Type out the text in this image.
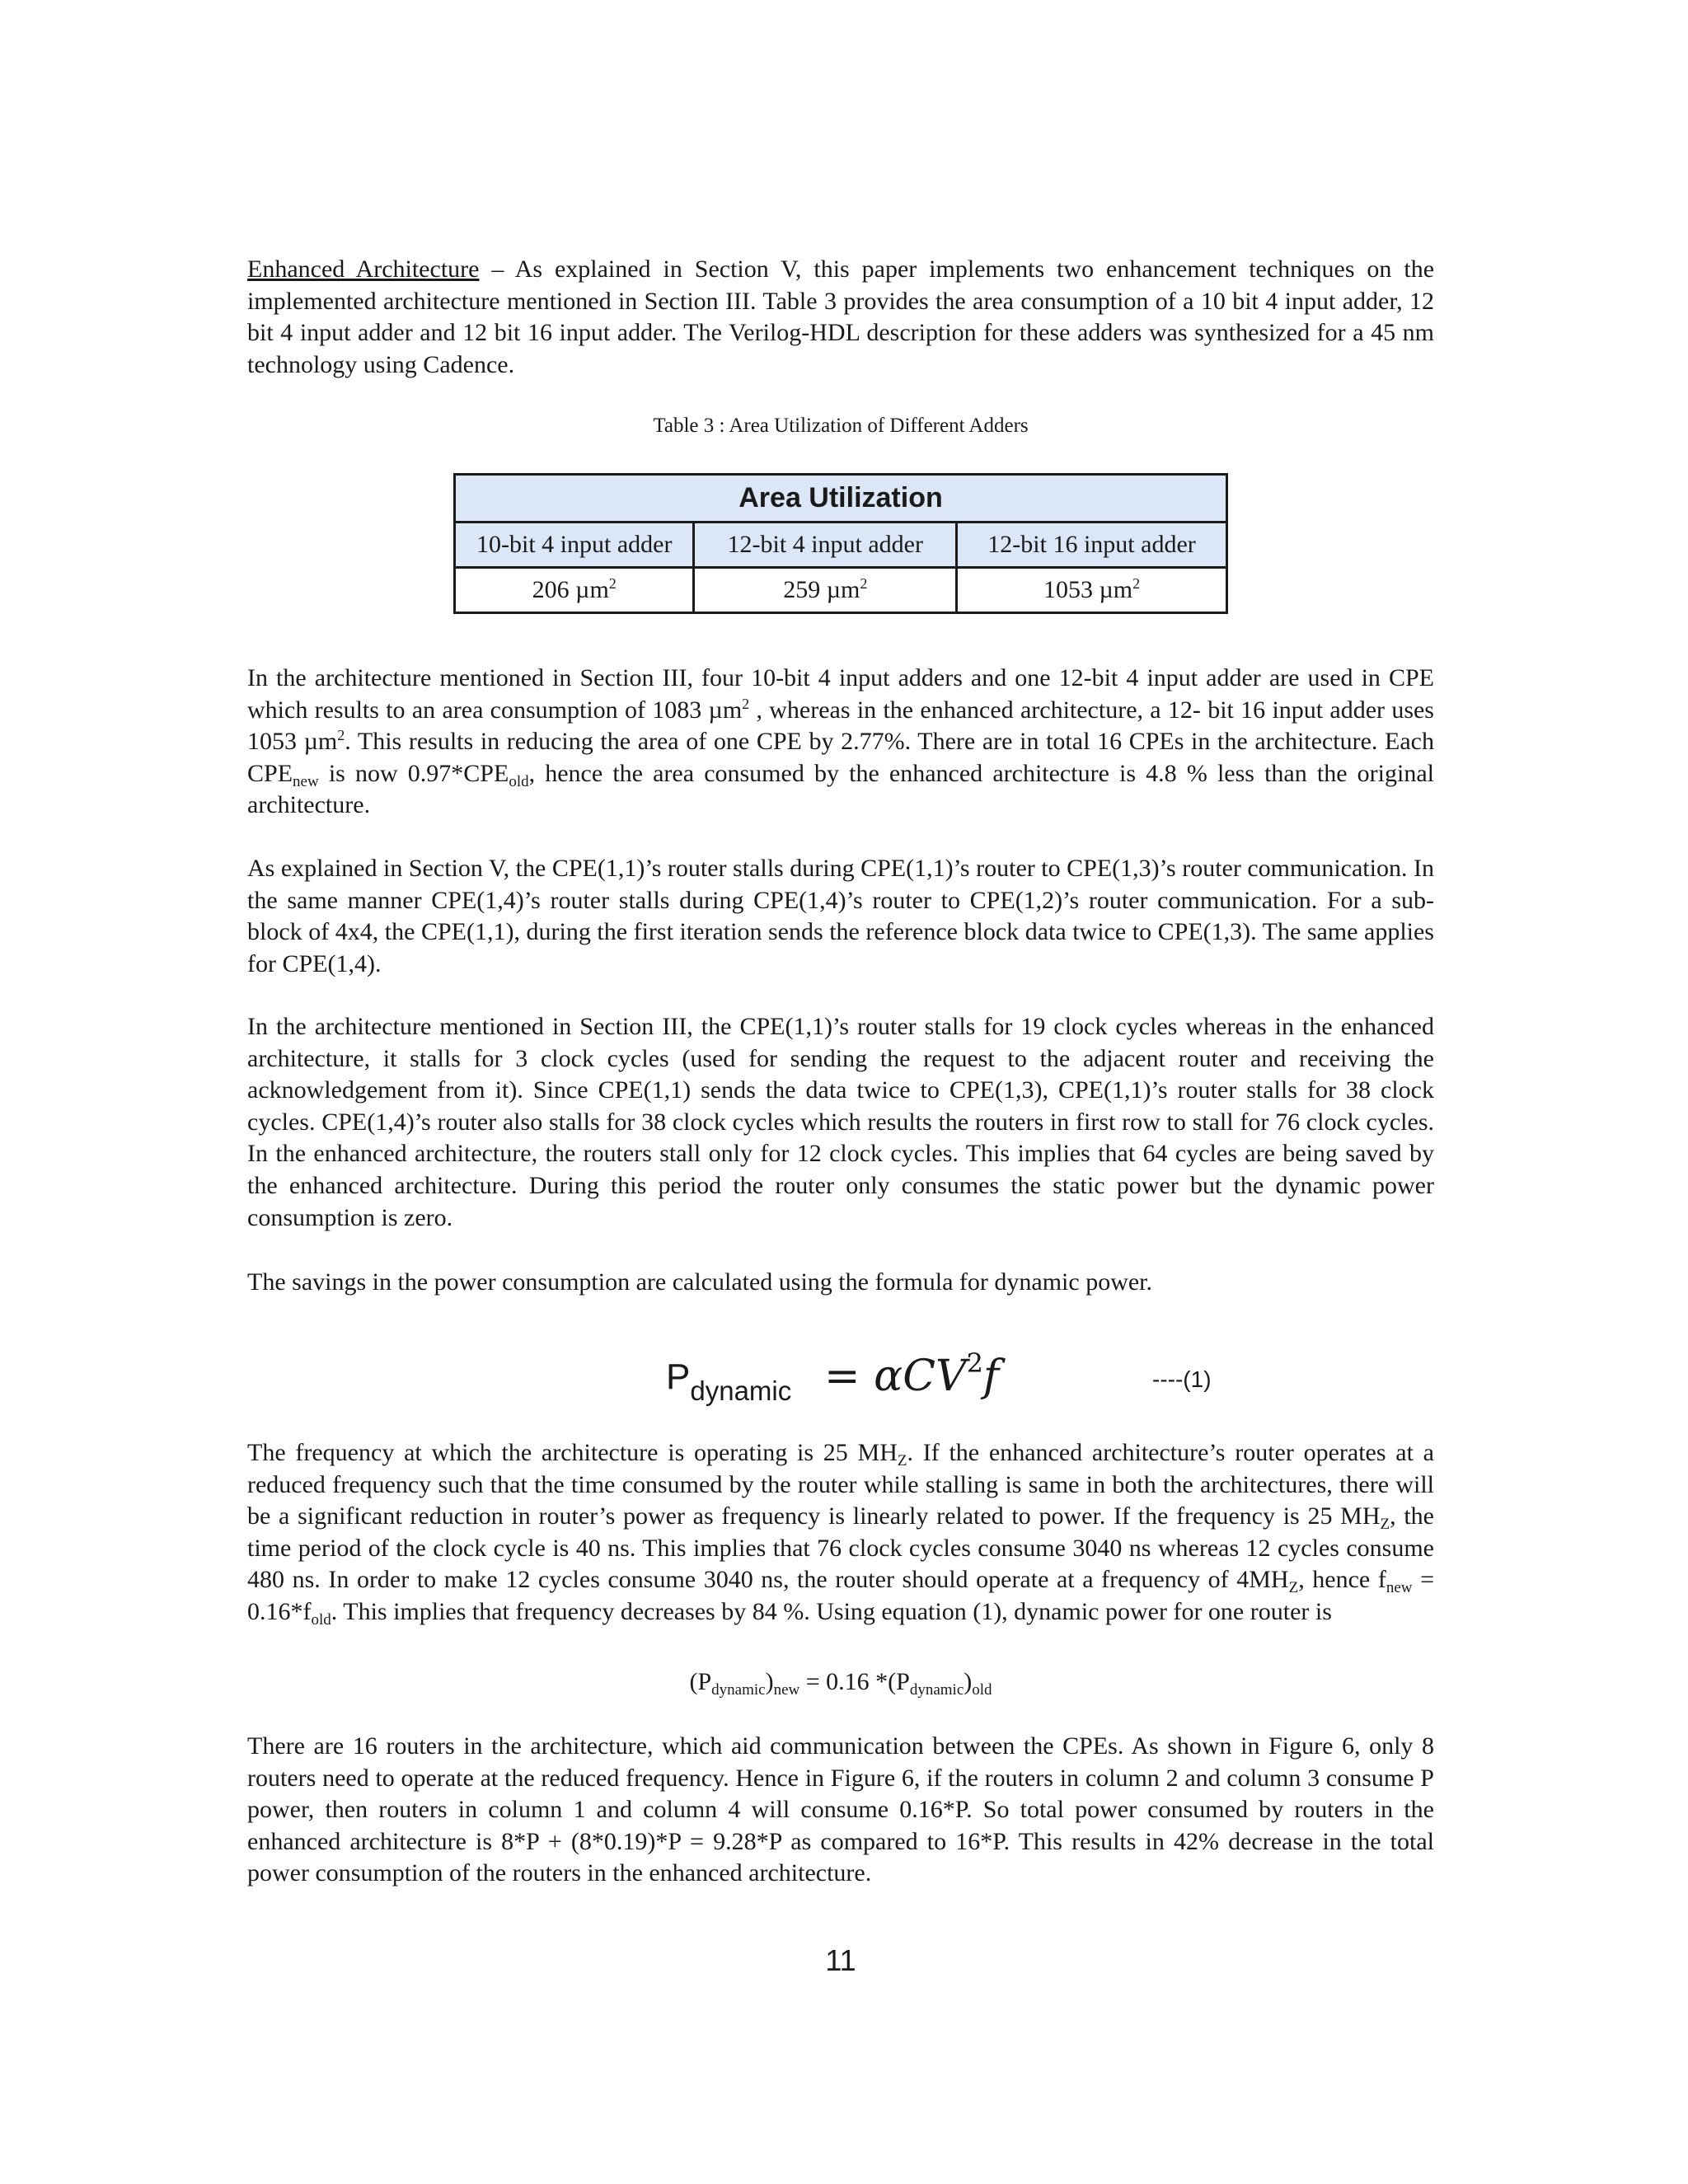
Enhanced Architecture – As explained in Section V, this paper implements two enhancement techniques on the implemented architecture mentioned in Section III. Table 3 provides the area consumption of a 10 bit 4 input adder, 12 bit 4 input adder and 12 bit 16 input adder. The Verilog-HDL description for these adders was synthesized for a 45 nm technology using Cadence.

Table 3 : Area Utilization of Different Adders
Area Utilization		
10-bit 4 input adder	12-bit 4 input adder	12-bit 16 input adder
206 µm$^2$	259 µm$^2$	1053 µm$^2$

In the architecture mentioned in Section III, four 10-bit 4 input adders and one 12-bit 4 input adder are used in CPE which results to an area consumption of 1083 µm$^2$ , whereas in the enhanced architecture, a 12- bit 16 input adder uses 1053 µm$^2$. This results in reducing the area of one CPE by 2.77%. There are in total 16 CPEs in the architecture. Each $CPE_{new}$ is now $0.97*CPE_{old}$, hence the area consumed by the enhanced architecture is 4.8 % less than the original architecture.

As explained in Section V, the CPE(1,1)’s router stalls during CPE(1,1)’s router to CPE(1,3)’s router communication. In the same manner CPE(1,4)’s router stalls during CPE(1,4)’s router to CPE(1,2)’s router communication. For a sub-block of 4x4, the CPE(1,1), during the first iteration sends the reference block data twice to CPE(1,3). The same applies for CPE(1,4).

In the architecture mentioned in Section III, the CPE(1,1)’s router stalls for 19 clock cycles whereas in the enhanced architecture, it stalls for 3 clock cycles (used for sending the request to the adjacent router and receiving the acknowledgement from it). Since CPE(1,1) sends the data twice to CPE(1,3), CPE(1,1)’s router stalls for 38 clock cycles. CPE(1,4)’s router also stalls for 38 clock cycles which results the routers in first row to stall for 76 clock cycles. In the enhanced architecture, the routers stall only for 12 clock cycles. This implies that 64 cycles are being saved by the enhanced architecture. During this period the router only consumes the static power but the dynamic power consumption is zero.

The savings in the power consumption are calculated using the formula for dynamic power.

$P_{dynamic} = \alpha CV^2f$	----(1)

The frequency at which the architecture is operating is 25 $MH_Z$. If the enhanced architecture’s router operates at a reduced frequency such that the time consumed by the router while stalling is same in both the architectures, there will be a significant reduction in router’s power as frequency is linearly related to power. If the frequency is 25 $MH_Z$, the time period of the clock cycle is 40 ns. This implies that 76 clock cycles consume 3040 ns whereas 12 cycles consume 480 ns. In order to make 12 cycles consume 3040 ns, the router should operate at a frequency of $4MH_Z$, hence $f_{new} = 0.16*f_{old}$. This implies that frequency decreases by 84 %. Using equation (1), dynamic power for one router is

$(P_{dynamic})_{new} = 0.16$ $*(P_{dynamic})_{old}$

There are 16 routers in the architecture, which aid communication between the CPEs. As shown in Figure 6, only 8 routers need to operate at the reduced frequency. Hence in Figure 6, if the routers in column 2 and column 3 consume P power, then routers in column 1 and column 4 will consume 0.16*P. So total power consumed by routers in the enhanced architecture is 8*P + (8*0.19)*P = 9.28*P as compared to 16*P. This results in 42% decrease in the total power consumption of the routers in the enhanced architecture.

11
